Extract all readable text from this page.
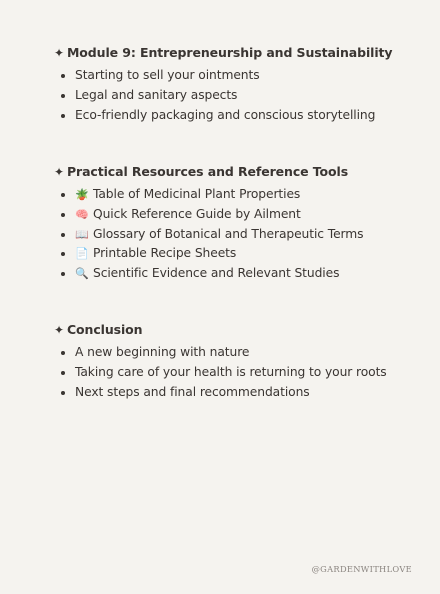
✦ Module 9: Entrepreneurship and Sustainability
Starting to sell your ointments
Legal and sanitary aspects
Eco-friendly packaging and conscious storytelling
✦ Practical Resources and Reference Tools
🪴 Table of Medicinal Plant Properties
🧠 Quick Reference Guide by Ailment
📖 Glossary of Botanical and Therapeutic Terms
📄 Printable Recipe Sheets
🔍 Scientific Evidence and Relevant Studies
✦ Conclusion
A new beginning with nature
Taking care of your health is returning to your roots
Next steps and final recommendations
@GARDENWITHLOVE
